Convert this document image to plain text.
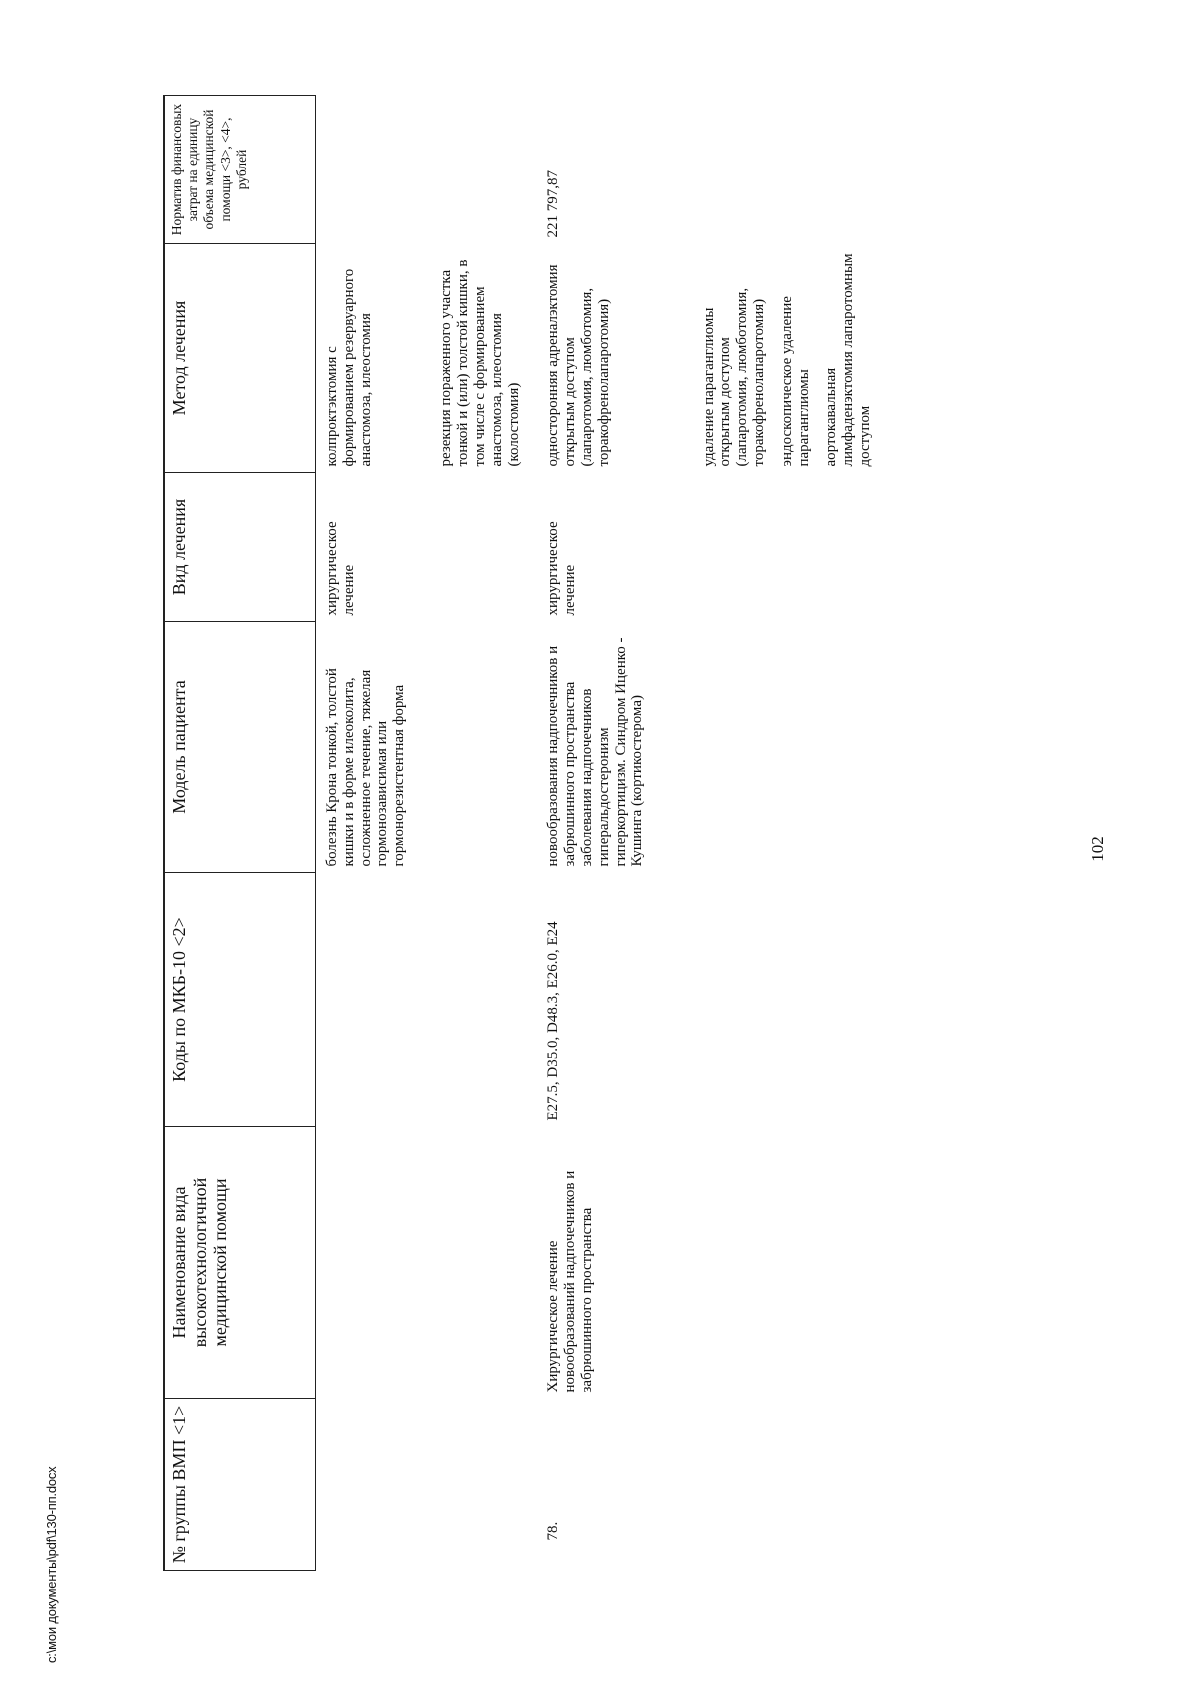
102
№ группы ВМП <1>	Наименование вида высокотехнологичной медицинской помощи	Коды по МКБ-10 <2>	Модель пациента	Вид лечения	Метод лечения	Норматив финансовых затрат на единицу объема медицинской помощи <3>, <4>, рублей
			болезнь Крона тонкой, толстой кишки и в форме илеоколита, осложненное течение, тяжелая гормонозависимая или гормонорезистентная форма	хирургическое лечение	колпроктэктомия с формированием резервуарного анастомоза, илеостомия резекция пораженного участка тонкой и (или) толстой кишки, в том числе с формированием анастомоза, илеостомия (колостомия)	

78.	Хирургическое лечение новообразований надпочечников и забрюшинного пространства	E27.5, D35.0, D48.3, E26.0, E24	новообразования надпочечников и забрюшинного пространства заболевания надпочечников гиперальдостеронизм гиперкортицизм. Синдром Иценко - Кушинга (кортикостерома)	хирургическое лечение	односторонняя адреналэктомия открытым доступом (лапаротомия, люмботомия, торакофренолапаротомия) удаление параганглиомы открытым доступом (лапаротомия, люмботомия, торакофренолапаротомия) эндоскопическое удаление параганглиомы аортокавальная лимфаденэктомия лапаротомным доступом	221 797,87
c:\мои документы\pdf\130-пп.docx
